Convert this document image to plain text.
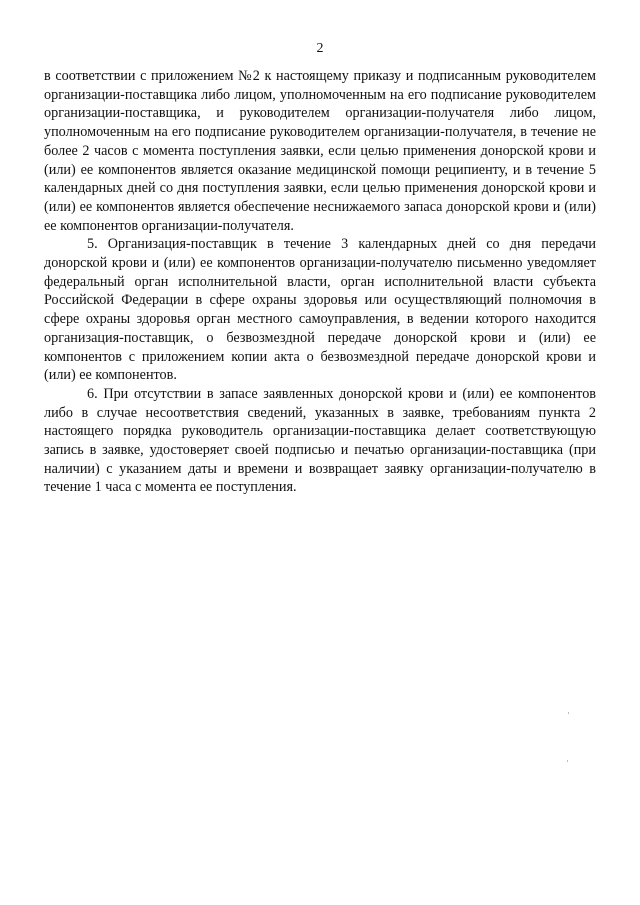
2

в соответствии с приложением №2 к настоящему приказу и подписанным руководителем организации-поставщика либо лицом, уполномоченным на его подписание руководителем организации-поставщика, и руководителем организации-получателя либо лицом, уполномоченным на его подписание руководителем организации-получателя, в течение не более 2 часов с момента поступления заявки, если целью применения донорской крови и (или) ее компонентов является оказание медицинской помощи реципиенту, и в течение 5 календарных дней со дня поступления заявки, если целью применения донорской крови и (или) ее компонентов является обеспечение неснижаемого запаса донорской крови и (или) ее компонентов организации-получателя.

5. Организация-поставщик в течение 3 календарных дней со дня передачи донорской крови и (или) ее компонентов организации-получателю письменно уведомляет федеральный орган исполнительной власти, орган исполнительной власти субъекта Российской Федерации в сфере охраны здоровья или осуществляющий полномочия в сфере охраны здоровья орган местного самоуправления, в ведении которого находится организация-поставщик, о безвозмездной передаче донорской крови и (или) ее компонентов с приложением копии акта о безвозмездной передаче донорской крови и (или) ее компонентов.

6. При отсутствии в запасе заявленных донорской крови и (или) ее компонентов либо в случае несоответствия сведений, указанных в заявке, требованиям пункта 2 настоящего порядка руководитель организации-поставщика делает соответствующую запись в заявке, удостоверяет своей подписью и печатью организации-поставщика (при наличии) с указанием даты и времени и возвращает заявку организации-получателю в течение 1 часа с момента ее поступления.
